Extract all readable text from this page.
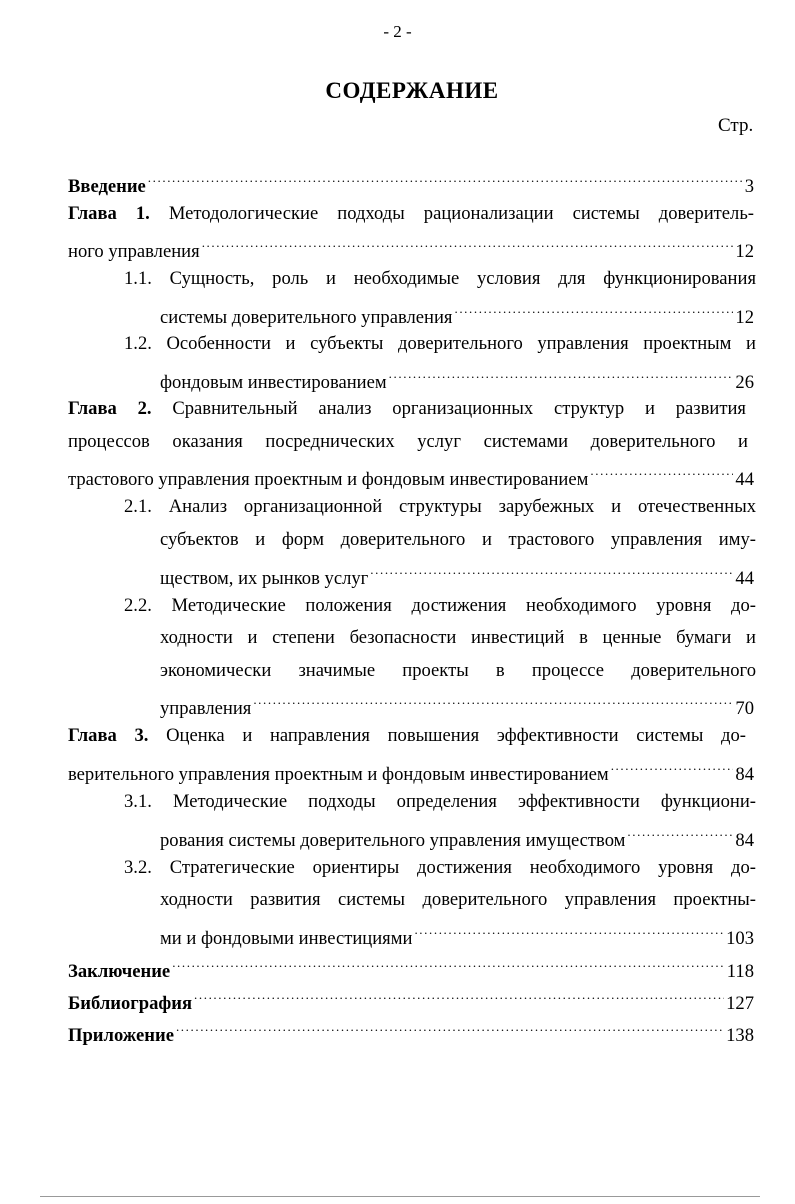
- 2 -
СОДЕРЖАНИЕ
Стр.
Введение .....	3
Глава 1. Методологические подходы рационализации системы доверитель-
ного управления .....	12
1.1. Сущность, роль и необходимые условия для функционирования
системы доверительного управления .....	12
1.2. Особенности и субъекты доверительного управления проектным и
фондовым инвестированием .....	26
Глава 2. Сравнительный анализ организационных структур и развития
процессов оказания посреднических услуг системами доверительного и
трастового управления проектным и фондовым инвестированием .....	44
2.1. Анализ организационной структуры зарубежных и отечественных
субъектов и форм доверительного и трастового управления иму-
ществом, их рынков услуг .....	44
2.2. Методические положения достижения необходимого уровня до-
ходности и степени безопасности инвестиций в ценные бумаги и
экономически значимые проекты в процессе доверительного
управления .....	70
Глава 3. Оценка и направления повышения эффективности системы до-
верительного управления проектным и фондовым инвестированием .....	84
3.1. Методические подходы определения эффективности функциони-
рования системы доверительного управления имуществом .....	84
3.2. Стратегические ориентиры достижения необходимого уровня до-
ходности развития системы доверительного управления проектны-
ми и фондовыми инвестициями .....	103
Заключение .....	118
Библиография .....	127
Приложение .....	138
